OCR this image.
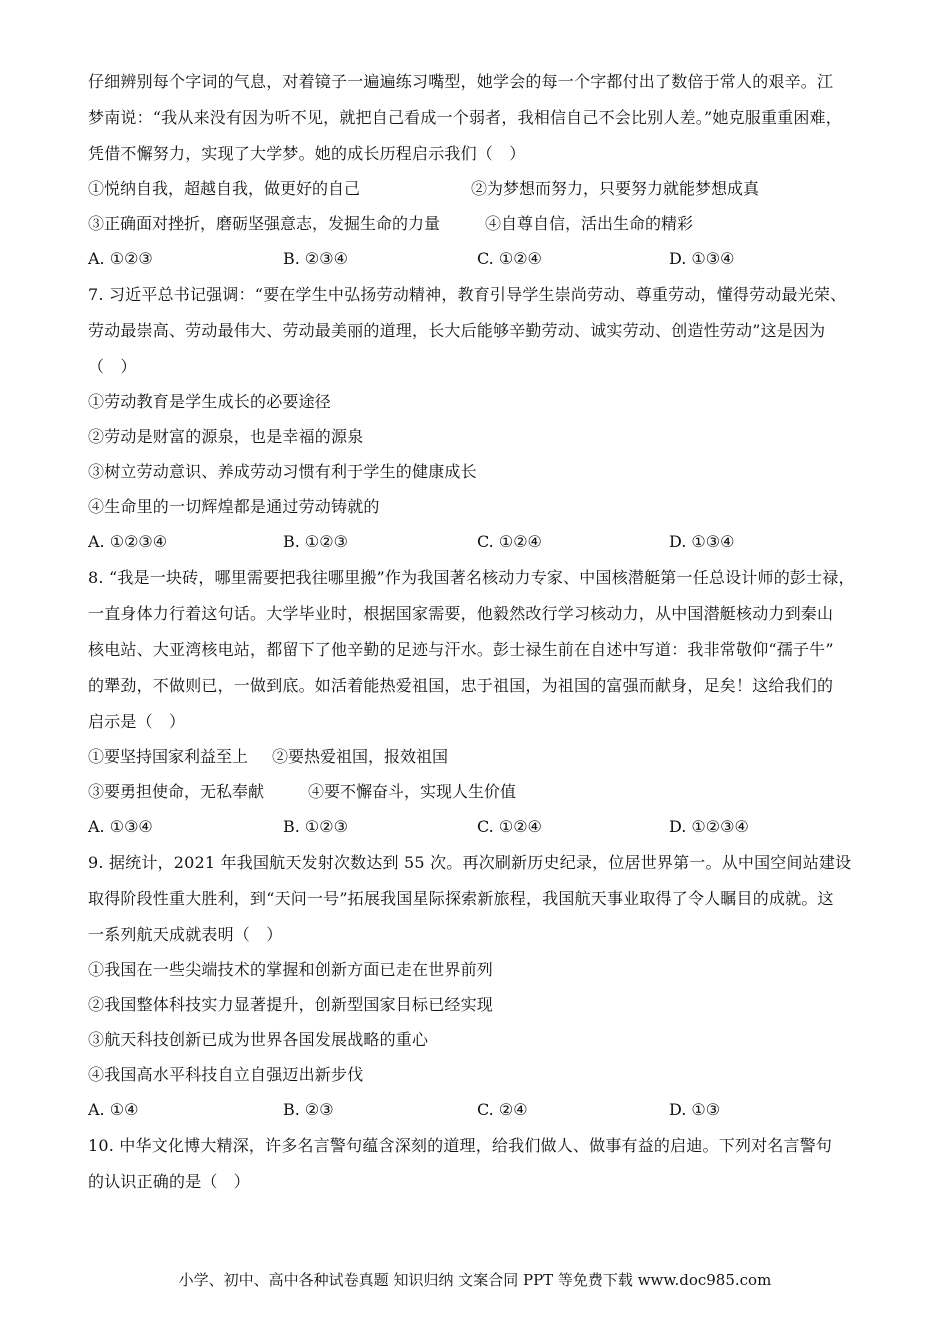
仔细辨别每个字词的气息，对着镜子一遍遍练习嘴型，她学会的每一个字都付出了数倍于常人的艰辛。江

梦南说：“我从来没有因为听不见，就把自己看成一个弱者，我相信自己不会比别人差。”她克服重重困难，

凭借不懈努力，实现了大学梦。她的成长历程启示我们（　）

①悦纳自我，超越自我，做更好的自己	②为梦想而努力，只要努力就能梦想成真
③正确面对挫折，磨砺坚强意志，发掘生命的力量	④自尊自信，活出生命的精彩
A. ①②③	B. ②③④	C. ①②④	D. ①③④

7. 习近平总书记强调：“要在学生中弘扬劳动精神，教育引导学生崇尚劳动、尊重劳动，懂得劳动最光荣、

劳动最崇高、劳动最伟大、劳动最美丽的道理，长大后能够辛勤劳动、诚实劳动、创造性劳动”这是因为

（　）

①劳动教育是学生成长的必要途径

②劳动是财富的源泉，也是幸福的源泉

③树立劳动意识、养成劳动习惯有利于学生的健康成长

④生命里的一切辉煌都是通过劳动铸就的

A. ①②③④	B. ①②③	C. ①②④	D. ①③④

8. “我是一块砖，哪里需要把我往哪里搬”作为我国著名核动力专家、中国核潜艇第一任总设计师的彭士禄，

一直身体力行着这句话。大学毕业时，根据国家需要，他毅然改行学习核动力，从中国潜艇核动力到秦山

核电站、大亚湾核电站，都留下了他辛勤的足迹与汗水。彭士禄生前在自述中写道：我非常敬仰“孺子牛”

的犟劲，不做则已，一做到底。如活着能热爱祖国，忠于祖国，为祖国的富强而献身，足矣！这给我们的

启示是（　）

①要坚持国家利益至上 ②要热爱祖国，报效祖国
③要勇担使命，无私奉献	④要不懈奋斗，实现人生价值
A. ①③④	B. ①②③	C. ①②④	D. ①②③④

9. 据统计，2021 年我国航天发射次数达到 55 次。再次刷新历史纪录，位居世界第一。从中国空间站建设

取得阶段性重大胜利，到“天问一号”拓展我国星际探索新旅程，我国航天事业取得了令人瞩目的成就。这

一系列航天成就表明（　）

①我国在一些尖端技术的掌握和创新方面已走在世界前列

②我国整体科技实力显著提升，创新型国家目标已经实现

③航天科技创新已成为世界各国发展战略的重心

④我国高水平科技自立自强迈出新步伐

A. ①④	B. ②③	C. ②④	D. ①③

10. 中华文化博大精深，许多名言警句蕴含深刻的道理，给我们做人、做事有益的启迪。下列对名言警句

的认识正确的是（　）

小学、初中、高中各种试卷真题 知识归纳 文案合同 PPT 等免费下载 www.doc985.com
